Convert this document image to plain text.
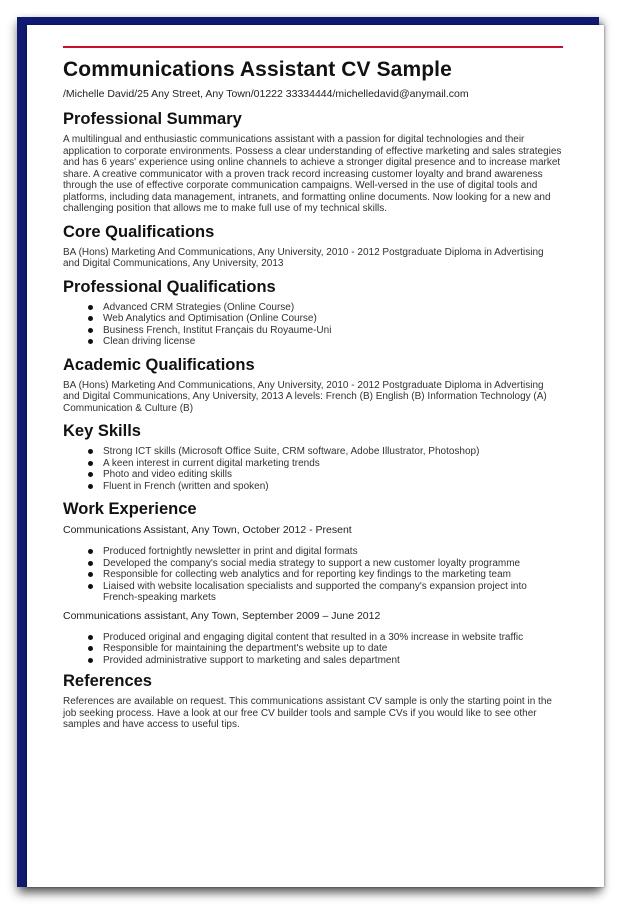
Communications Assistant CV Sample
/Michelle David/25 Any Street, Any Town/01222 33334444/michelledavid@anymail.com
Professional Summary
A multilingual and enthusiastic communications assistant with a passion for digital technologies and their application to corporate environments. Possess a clear understanding of effective marketing and sales strategies and has 6 years' experience using online channels to achieve a stronger digital presence and to increase market share. A creative communicator with a proven track record increasing customer loyalty and brand awareness through the use of effective corporate communication campaigns. Well-versed in the use of digital tools and platforms, including data management, intranets, and formatting online documents. Now looking for a new and challenging position that allows me to make full use of my technical skills.
Core Qualifications
BA (Hons) Marketing And Communications, Any University, 2010 - 2012 Postgraduate Diploma in Advertising and Digital Communications, Any University, 2013
Professional Qualifications
Advanced CRM Strategies (Online Course)
Web Analytics and Optimisation (Online Course)
Business French, Institut Français du Royaume-Uni
Clean driving license
Academic Qualifications
BA (Hons) Marketing And Communications, Any University, 2010 - 2012 Postgraduate Diploma in Advertising and Digital Communications, Any University, 2013 A levels: French (B) English (B) Information Technology (A) Communication & Culture (B)
Key Skills
Strong ICT skills (Microsoft Office Suite, CRM software, Adobe Illustrator, Photoshop)
A keen interest in current digital marketing trends
Photo and video editing skills
Fluent in French (written and spoken)
Work Experience
Communications Assistant, Any Town, October 2012 - Present
Produced fortnightly newsletter in print and digital formats
Developed the company's social media strategy to support a new customer loyalty programme
Responsible for collecting web analytics and for reporting key findings to the marketing team
Liaised with website localisation specialists and supported the company's expansion project into French-speaking markets
Communications assistant, Any Town, September 2009 – June 2012
Produced original and engaging digital content that resulted in a 30% increase in website traffic
Responsible for maintaining the department's website up to date
Provided administrative support to marketing and sales department
References
References are available on request. This communications assistant CV sample is only the starting point in the job seeking process. Have a look at our free CV builder tools and sample CVs if you would like to see other samples and have access to useful tips.
